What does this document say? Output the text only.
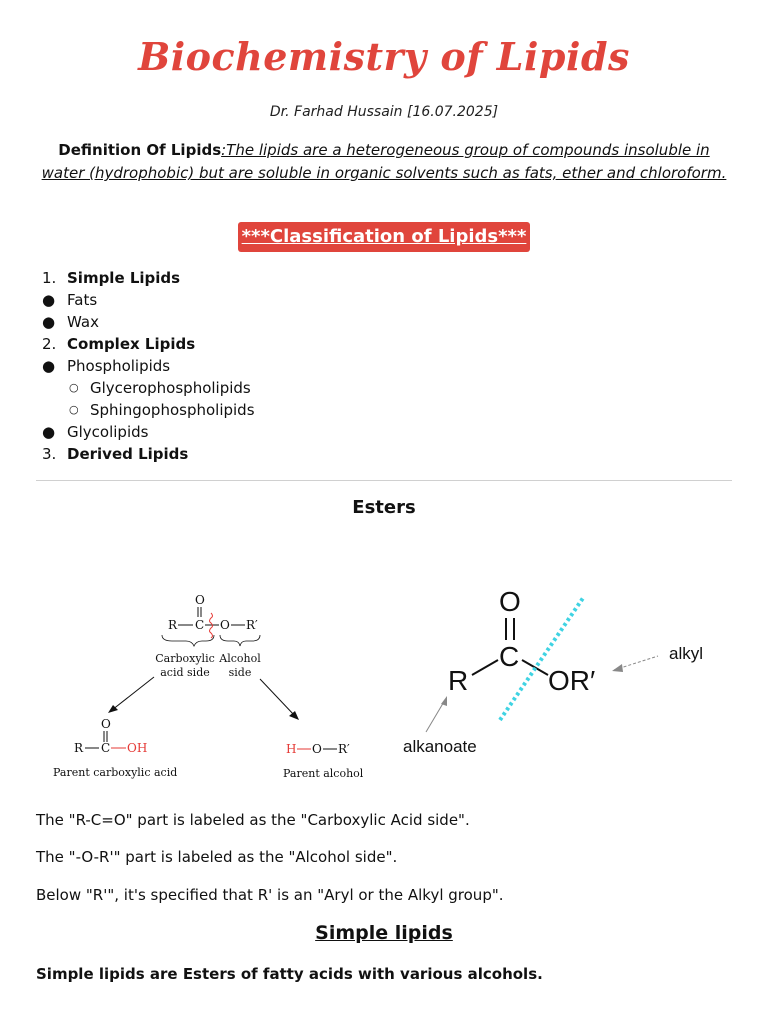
Biochemistry of Lipids
Dr. Farhad Hussain [16.07.2025]
Definition Of Lipids:The lipids are a heterogeneous group of compounds insoluble in water (hydrophobic) but are soluble in organic solvents such as fats, ether and chloroform.
***Classification of Lipids***
1. Simple Lipids
● Fats
● Wax
2. Complex Lipids
● Phospholipids
○ Glycerophospholipids
○ Sphingophospholipids
● Glycolipids
3. Derived Lipids
Esters
O
R C O R′
Carboxylic
acid side
Alcohol
side
O
R C OH
Parent carboxylic acid
H O R′
Parent alcohol
O
C
R	OR′
alkyl
alkanoate
The "R-C=O" part is labeled as the "Carboxylic Acid side".
The "-O-R'" part is labeled as the "Alcohol side".
Below "R'", it's specified that R' is an "Aryl or the Alkyl group".
Simple lipids
Simple lipids are Esters of fatty acids with various alcohols.
